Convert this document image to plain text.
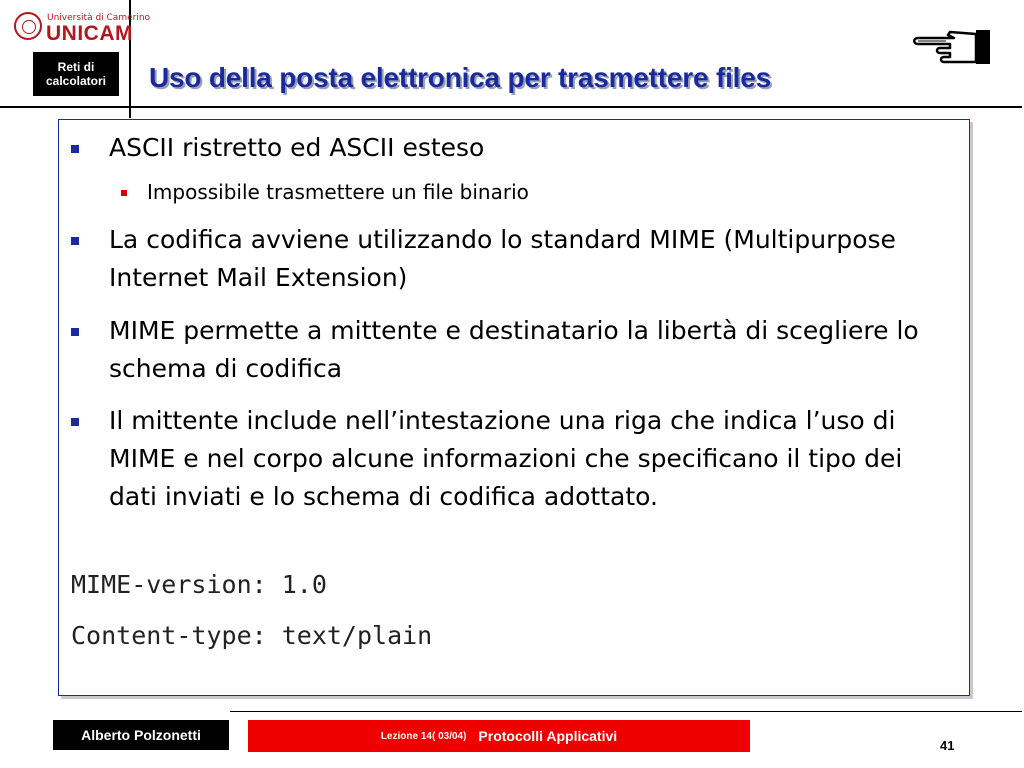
Università di Camerino
UNICAM
Reti di
calcolatori	Uso della posta elettronica per trasmettere files
ASCII ristretto ed ASCII esteso
Impossibile trasmettere un file binario
La codifica avviene utilizzando lo standard MIME (Multipurpose Internet Mail Extension)
MIME permette a mittente e destinatario la libertà di scegliere lo schema di codifica
Il mittente include nell’intestazione una riga che indica l’uso di MIME e nel corpo alcune informazioni che specificano il tipo dei dati inviati e lo schema di codifica adottato.
MIME-version: 1.0
Content-type: text/plain
Alberto Polzonetti	Lezione 14( 03/04) Protocolli Applicativi
41
